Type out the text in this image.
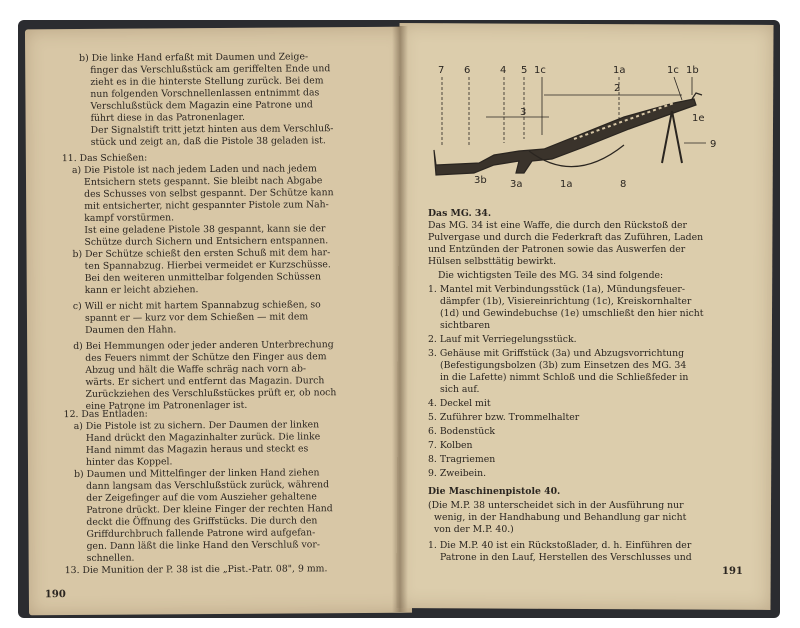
b) Die linke Hand erfaßt mit Daumen und Zeige-
finger das Verschlußstück am geriffelten Ende und
zieht es in die hinterste Stellung zurück. Bei dem
nun folgenden Vorschnellenlassen entnimmt das
Verschlußstück dem Magazin eine Patrone und
führt diese in das Patronenlager.
Der Signalstift tritt jetzt hinten aus dem Verschluß-
stück und zeigt an, daß die Pistole 38 geladen ist.
11. Das Schießen:
a) Die Pistole ist nach jedem Laden und nach jedem
Entsichern stets gespannt. Sie bleibt nach Abgabe
des Schusses von selbst gespannt. Der Schütze kann
mit entsicherter, nicht gespannter Pistole zum Nah-
kampf vorstürmen.
Ist eine geladene Pistole 38 gespannt, kann sie der
Schütze durch Sichern und Entsichern entspannen.
b) Der Schütze schießt den ersten Schuß mit dem har-
ten Spannabzug. Hierbei vermeidet er Kurzschüsse.
Bei den weiteren unmittelbar folgenden Schüssen
kann er leicht abziehen.
c) Will er nicht mit hartem Spannabzug schießen, so
spannt er — kurz vor dem Schießen — mit dem
Daumen den Hahn.
d) Bei Hemmungen oder jeder anderen Unterbrechung
des Feuers nimmt der Schütze den Finger aus dem
Abzug und hält die Waffe schräg nach vorn ab-
wärts. Er sichert und entfernt das Magazin. Durch
Zurückziehen des Verschlußstückes prüft er, ob noch
eine Patrone im Patronenlager ist.
12. Das Entladen:
a) Die Pistole ist zu sichern. Der Daumen der linken
Hand drückt den Magazinhalter zurück. Die linke
Hand nimmt das Magazin heraus und steckt es
hinter das Koppel.
b) Daumen und Mittelfinger der linken Hand ziehen
dann langsam das Verschlußstück zurück, während
der Zeigefinger auf die vom Auszieher gehaltene
Patrone drückt. Der kleine Finger der rechten Hand
deckt die Öffnung des Griffstücks. Die durch den
Griffdurchbruch fallende Patrone wird aufgefan-
gen. Dann läßt die linke Hand den Verschluß vor-
schnellen.
13. Die Munition der P. 38 ist die „Pist.-Patr. 08", 9 mm.
190
7 6	4 5 1c	1a	1c 1b
2
3
1e
9
3b 3a	1a	8
Das MG. 34.
Das MG. 34 ist eine Waffe, die durch den Rückstoß der
Pulvergase und durch die Federkraft das Zuführen, Laden
und Entzünden der Patronen sowie das Auswerfen der
Hülsen selbsttätig bewirkt.
Die wichtigsten Teile des MG. 34 sind folgende:
1. Mantel mit Verbindungsstück (1a), Mündungsfeuer-
dämpfer (1b), Visiereinrichtung (1c), Kreiskornhalter
(1d) und Gewindebuchse (1e) umschließt den hier nicht
sichtbaren
2. Lauf mit Verriegelungsstück.
3. Gehäuse mit Griffstück (3a) und Abzugsvorrichtung
(Befestigungsbolzen (3b) zum Einsetzen des MG. 34
in die Lafette) nimmt Schloß und die Schließfeder in
sich auf.
4. Deckel mit
5. Zuführer bzw. Trommelhalter
6. Bodenstück
7. Kolben
8. Tragriemen
9. Zweibein.
Die Maschinenpistole 40.
(Die M.P. 38 unterscheidet sich in der Ausführung nur
wenig, in der Handhabung und Behandlung gar nicht
von der M.P. 40.)
1. Die M.P. 40 ist ein Rückstoßlader, d. h. Einführen der
Patrone in den Lauf, Herstellen des Verschlusses und
191
